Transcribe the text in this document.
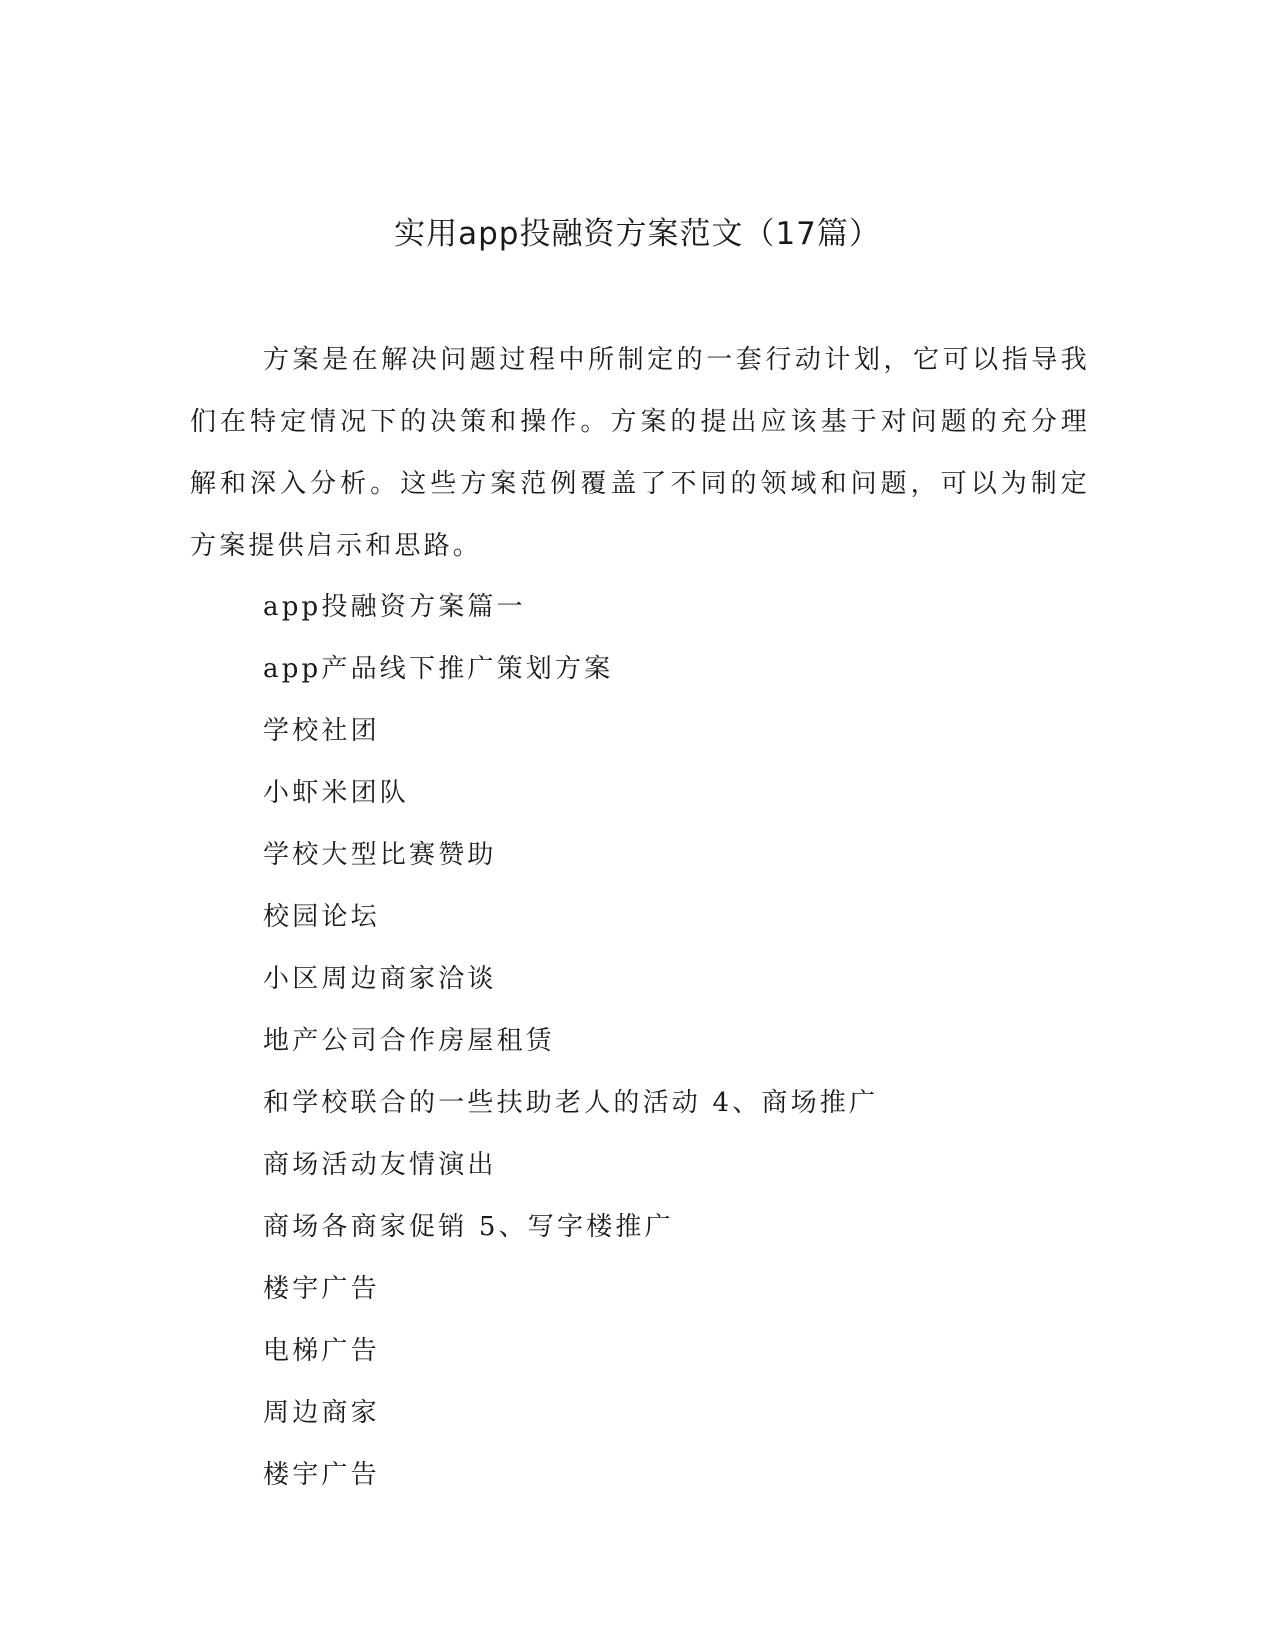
实用app投融资方案范文（17篇）

方案是在解决问题过程中所制定的一套行动计划，它可以指导我们在特定情况下的决策和操作。方案的提出应该基于对问题的充分理解和深入分析。这些方案范例覆盖了不同的领域和问题，可以为制定方案提供启示和思路。

app投融资方案篇一
app产品线下推广策划方案
学校社团
小虾米团队
学校大型比赛赞助
校园论坛
小区周边商家洽谈
地产公司合作房屋租赁
和学校联合的一些扶助老人的活动 4、商场推广
商场活动友情演出
商场各商家促销 5、写字楼推广
楼宇广告
电梯广告
周边商家
楼宇广告
